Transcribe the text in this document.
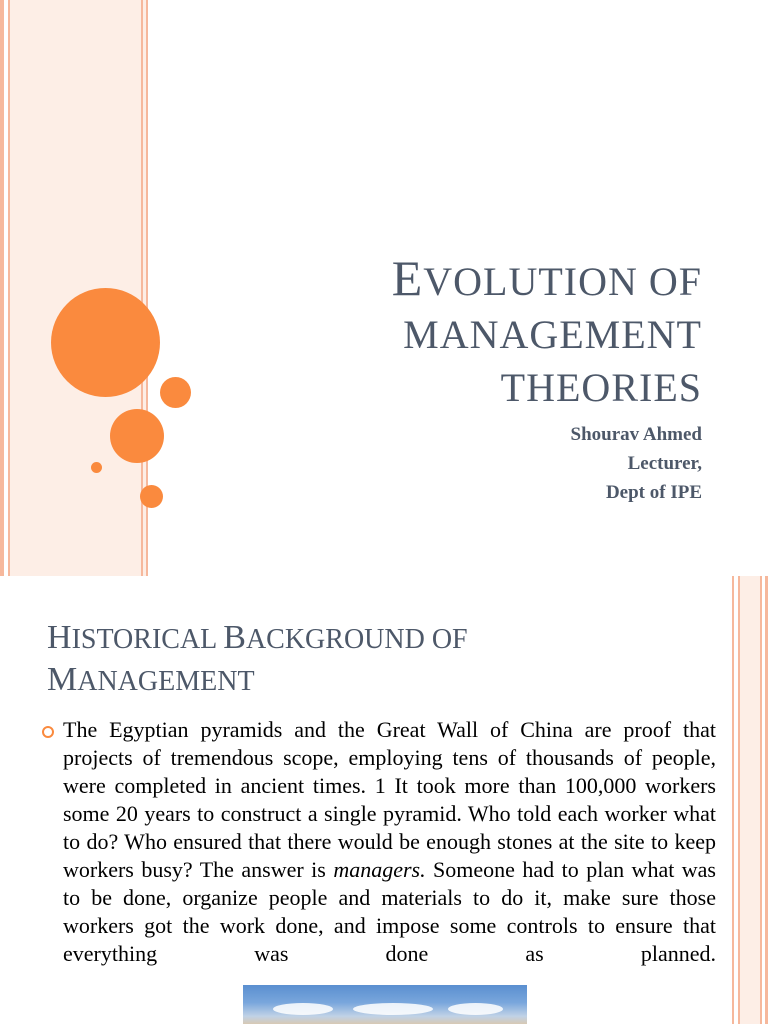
EVOLUTION OF
MANAGEMENT
THEORIES
Shourav Ahmed
Lecturer,
Dept of IPE
HISTORICAL BACKGROUND OF
MANAGEMENT

The Egyptian pyramids and the Great Wall of China are proof that projects of tremendous scope, employing tens of thousands of people, were completed in ancient times. 1 It took more than 100,000 workers some 20 years to construct a single pyramid. Who told each worker what to do? Who ensured that there would be enough stones at the site to keep workers busy? The answer is managers. Someone had to plan what was to be done, organize people and materials to do it, make sure those workers got the work done, and impose some controls to ensure that everything was done as planned.
